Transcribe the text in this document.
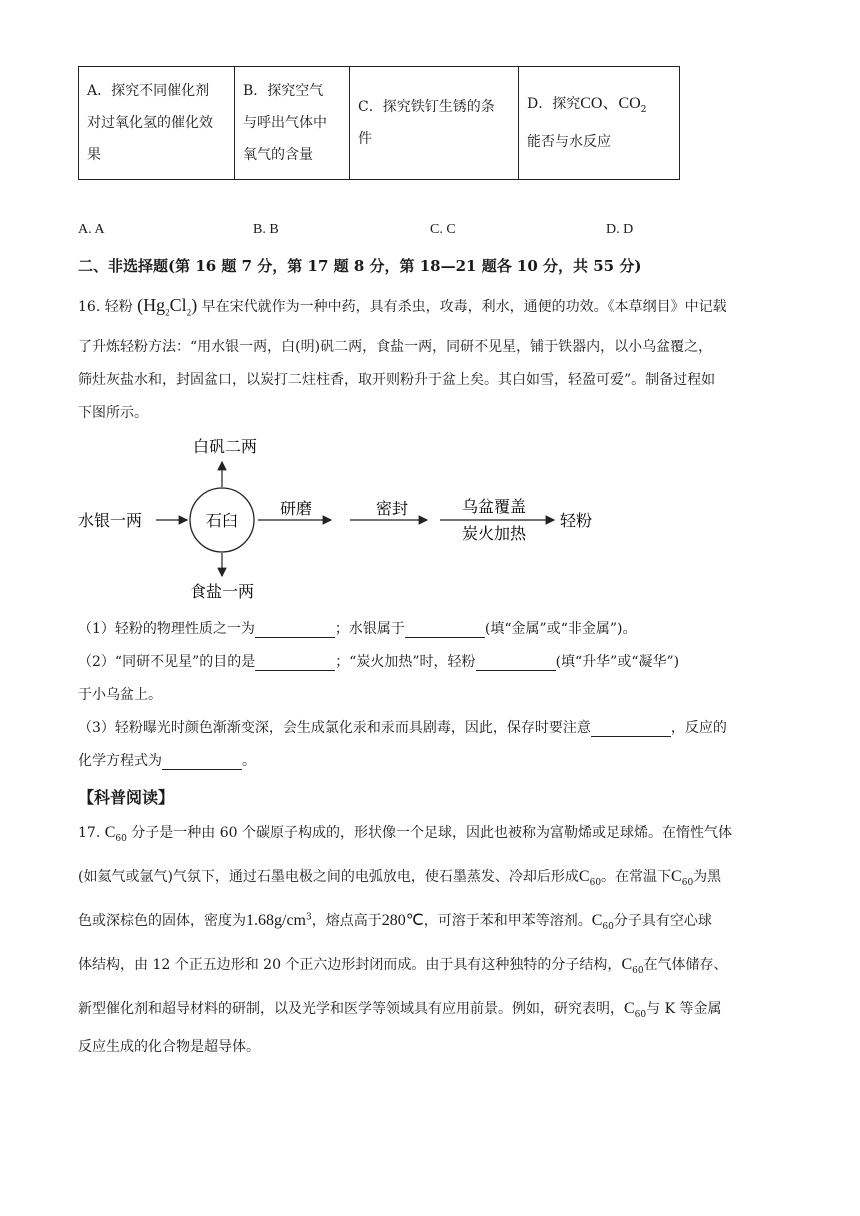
A．探究不同催化剂
对过氧化氢的催化效
果

B．探究空气
与呼出气体中
氧气的含量

C．探究铁钉生锈的条
件

D．探究CO、$CO_2$
能否与水反应
A. A	B. B	C. C	D. D
二、非选择题(第 16 题 7 分，第 17 题 8 分，第 18—21 题各 10 分，共 55 分)
16. 轻粉 $(Hg_2Cl_2)$ 早在宋代就作为一种中药，具有杀虫，攻毒，利水，通便的功效。《本草纲目》中记载
了升炼轻粉方法：“用水银一两，白(明)矾二两，食盐一两，同研不见星，铺于铁器内，以小乌盆覆之，
筛灶灰盐水和，封固盆口，以炭打二炷柱香，取开则粉升于盆上矣。其白如雪，轻盈可爱”。制备过程如
下图所示。
白矾二两
石臼
水银一两
食盐一两
研磨	密封	乌盆覆盖
炭火加热
轻粉
（1）轻粉的物理性质之一为	；水银属于	(填“金属”或“非金属”)。
（2）“同研不见星”的目的是	；“炭火加热”时，轻粉	(填“升华”或“凝华”)
于小乌盆上。
（3）轻粉曝光时颜色渐渐变深，会生成氯化汞和汞而具剧毒，因此，保存时要注意	，反应的
化学方程式为	。
【科普阅读】
17. $C_{60}$ 分子是一种由 60 个碳原子构成的，形状像一个足球，因此也被称为富勒烯或足球烯。在惰性气体
(如氦气或氩气)气氛下，通过石墨电极之间的电弧放电，使石墨蒸发、冷却后形成$C_{60}$。在常温下$C_{60}$为黑
色或深棕色的固体，密度为$1.68g/cm^3$，熔点高于280℃，可溶于苯和甲苯等溶剂。$C_{60}$分子具有空心球
体结构，由 12 个正五边形和 20 个正六边形封闭而成。由于具有这种独特的分子结构，$C_{60}$在气体储存、
新型催化剂和超导材料的研制，以及光学和医学等领域具有应用前景。例如，研究表明，$C_{60}$与 K 等金属
反应生成的化合物是超导体。
